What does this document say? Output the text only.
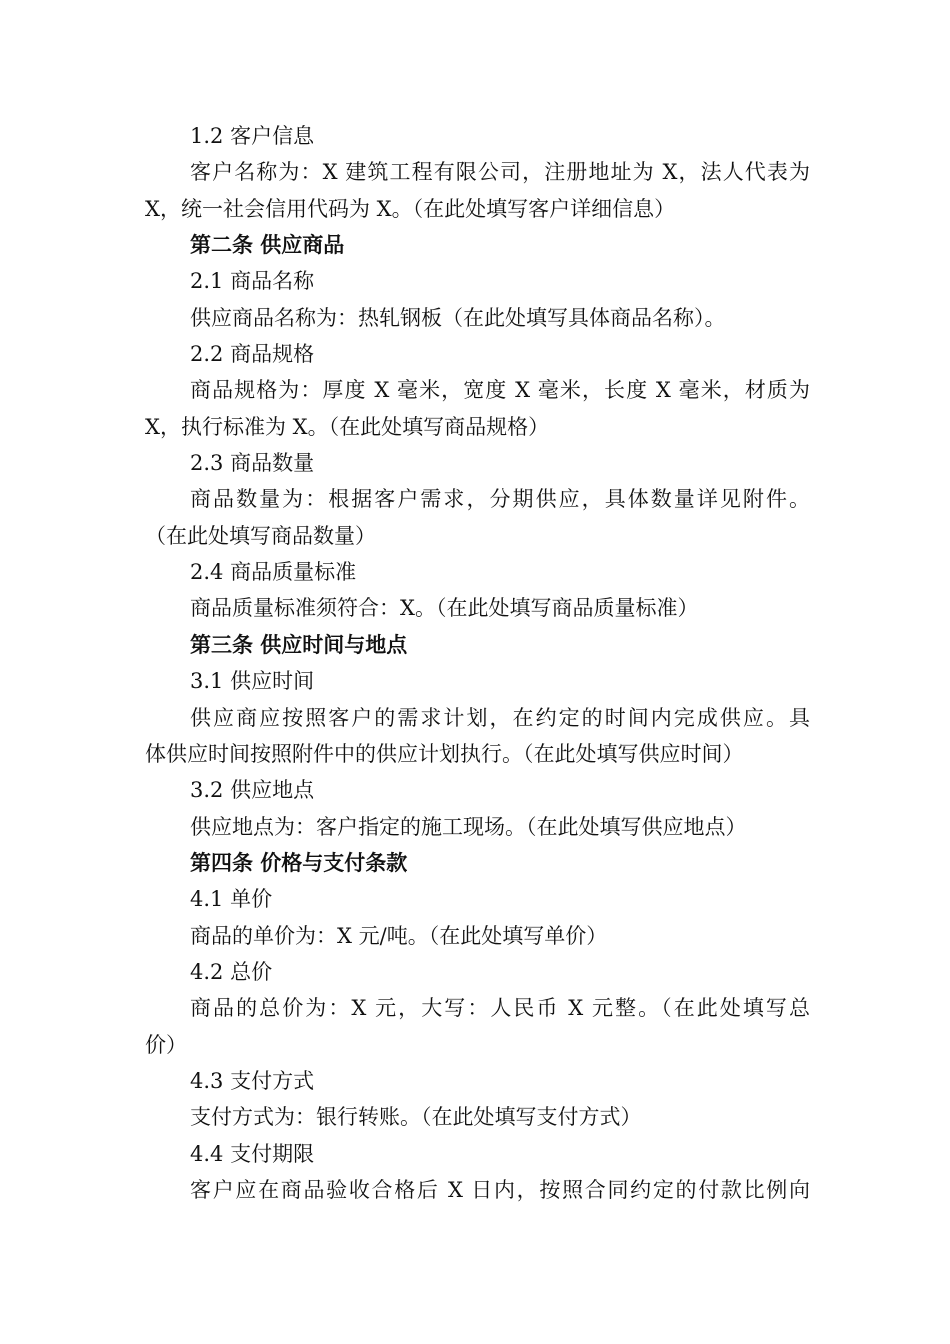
1.2 客户信息
客户名称为：X 建筑工程有限公司，注册地址为 X，法人代表为
X，统一社会信用代码为 X。（在此处填写客户详细信息）
第二条 供应商品
2.1 商品名称
供应商品名称为：热轧钢板（在此处填写具体商品名称）。
2.2 商品规格
商品规格为：厚度 X 毫米，宽度 X 毫米，长度 X 毫米，材质为
X，执行标准为 X。（在此处填写商品规格）
2.3 商品数量
商品数量为：根据客户需求，分期供应，具体数量详见附件。
（在此处填写商品数量）
2.4 商品质量标准
商品质量标准须符合：X。（在此处填写商品质量标准）
第三条 供应时间与地点
3.1 供应时间
供应商应按照客户的需求计划，在约定的时间内完成供应。具
体供应时间按照附件中的供应计划执行。（在此处填写供应时间）
3.2 供应地点
供应地点为：客户指定的施工现场。（在此处填写供应地点）
第四条 价格与支付条款
4.1 单价
商品的单价为：X 元/吨。（在此处填写单价）
4.2 总价
商品的总价为：X 元，大写：人民币 X 元整。（在此处填写总
价）
4.3 支付方式
支付方式为：银行转账。（在此处填写支付方式）
4.4 支付期限
客户应在商品验收合格后 X 日内，按照合同约定的付款比例向
